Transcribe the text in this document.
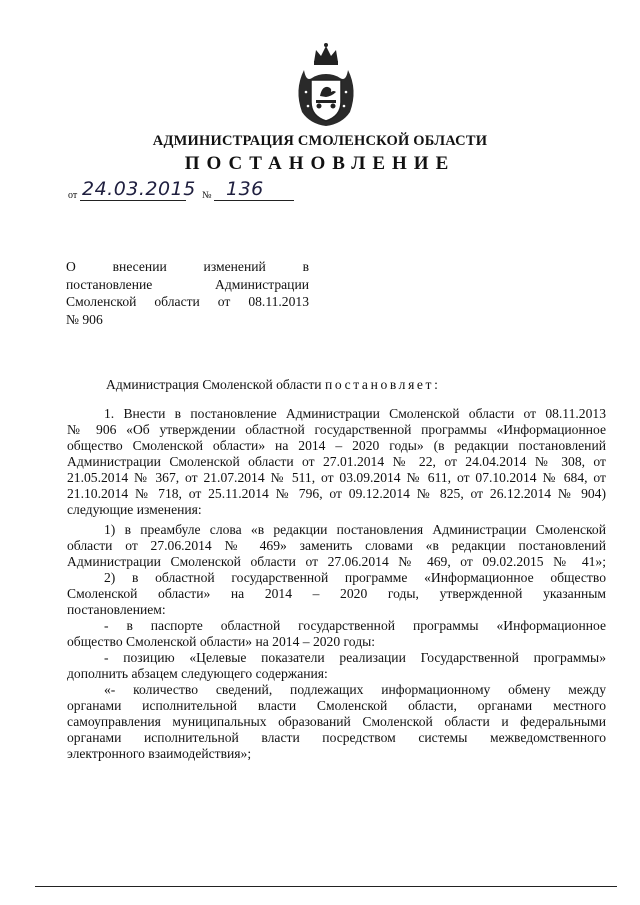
АДМИНИСТРАЦИЯ СМОЛЕНСКОЙ ОБЛАСТИ
ПОСТАНОВЛЕНИЕ
от 24.03.2015 № 136
О внесении изменений в
постановление Администрации
Смоленской области от 08.11.2013
№ 906
Администрация Смоленской области постановляет:
1. Внести в постановление Администрации Смоленской области от 08.11.2013
№ 906 «Об утверждении областной государственной программы «Информационное
общество Смоленской области» на 2014 – 2020 годы» (в редакции постановлений
Администрации Смоленской области от 27.01.2014 № 22, от 24.04.2014 № 308, от
21.05.2014 № 367, от 21.07.2014 № 511, от 03.09.2014 № 611, от 07.10.2014 № 684, от
21.10.2014 № 718, от 25.11.2014 № 796, от 09.12.2014 № 825, от 26.12.2014 № 904)
следующие изменения:
1) в преамбуле слова «в редакции постановления Администрации Смоленской
области от 27.06.2014 № 469» заменить словами «в редакции постановлений
Администрации Смоленской области от 27.06.2014 № 469, от 09.02.2015 № 41»;
2) в областной государственной программе «Информационное общество
Смоленской области» на 2014 – 2020 годы, утвержденной указанным
постановлением:
- в паспорте областной государственной программы «Информационное
общество Смоленской области» на 2014 – 2020 годы:
- позицию «Целевые показатели реализации Государственной программы»
дополнить абзацем следующего содержания:
«- количество сведений, подлежащих информационному обмену между
органами исполнительной власти Смоленской области, органами местного
самоуправления муниципальных образований Смоленской области и федеральными
органами исполнительной власти посредством системы межведомственного
электронного взаимодействия»;
